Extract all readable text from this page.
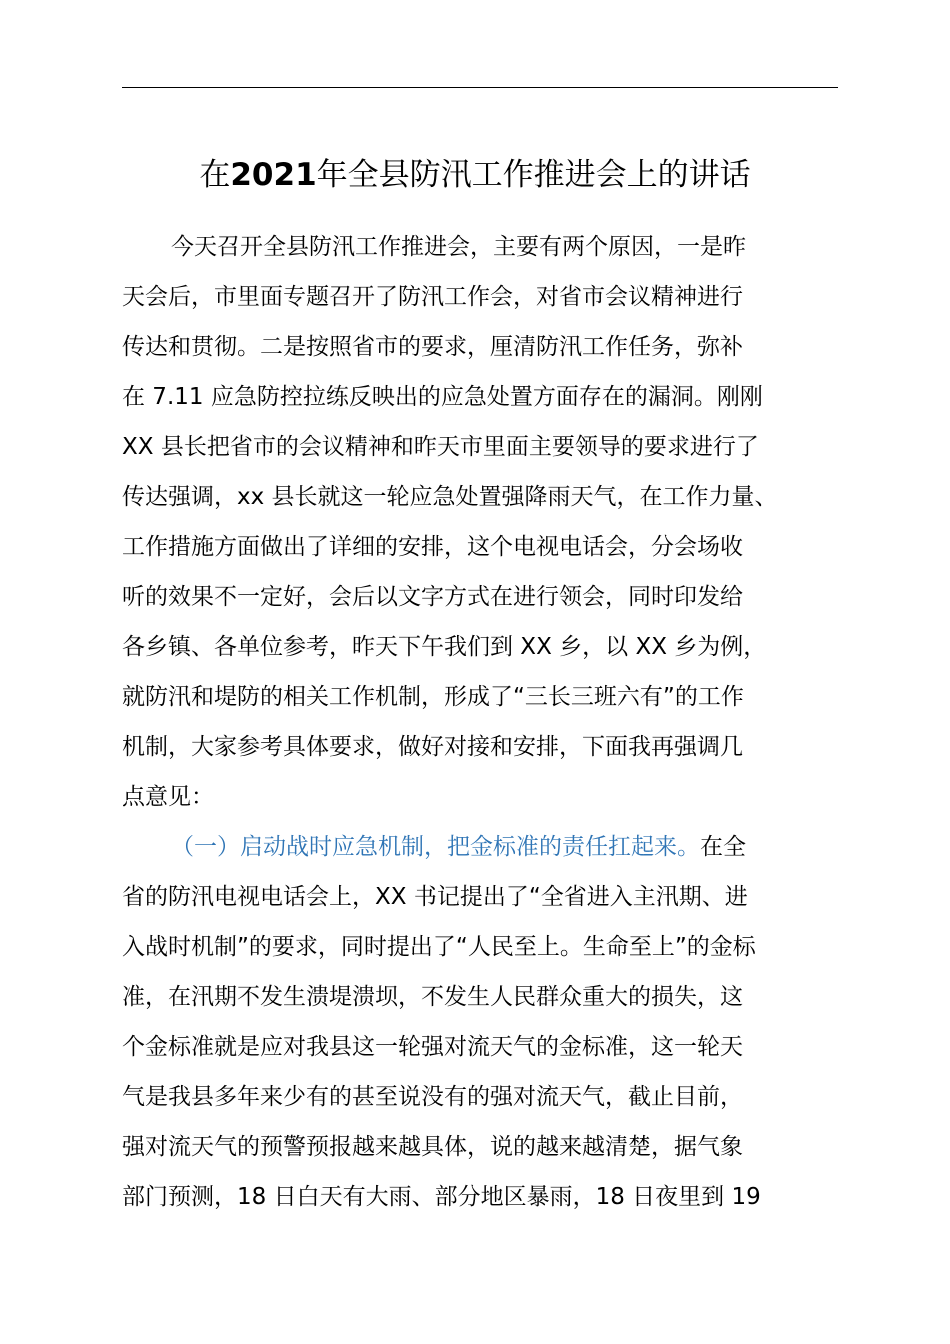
在2021年全县防汛工作推进会上的讲话

今天召开全县防汛工作推进会，主要有两个原因，一是昨

天会后，市里面专题召开了防汛工作会，对省市会议精神进行

传达和贯彻。二是按照省市的要求，厘清防汛工作任务，弥补

在 7.11 应急防控拉练反映出的应急处置方面存在的漏洞。刚刚

XX 县长把省市的会议精神和昨天市里面主要领导的要求进行了

传达强调，xx 县长就这一轮应急处置强降雨天气，在工作力量、

工作措施方面做出了详细的安排，这个电视电话会，分会场收

听的效果不一定好，会后以文字方式在进行领会，同时印发给

各乡镇、各单位参考，昨天下午我们到 XX 乡，以 XX 乡为例，

就防汛和堤防的相关工作机制，形成了“三长三班六有”的工作

机制，大家参考具体要求，做好对接和安排，下面我再强调几

点意见：

（一）启动战时应急机制，把金标准的责任扛起来。在全

省的防汛电视电话会上，XX 书记提出了“全省进入主汛期、进

入战时机制”的要求，同时提出了“人民至上。生命至上”的金标

准，在汛期不发生溃堤溃坝，不发生人民群众重大的损失，这

个金标准就是应对我县这一轮强对流天气的金标准，这一轮天

气是我县多年来少有的甚至说没有的强对流天气，截止目前，

强对流天气的预警预报越来越具体，说的越来越清楚，据气象

部门预测，18 日白天有大雨、部分地区暴雨，18 日夜里到 19
